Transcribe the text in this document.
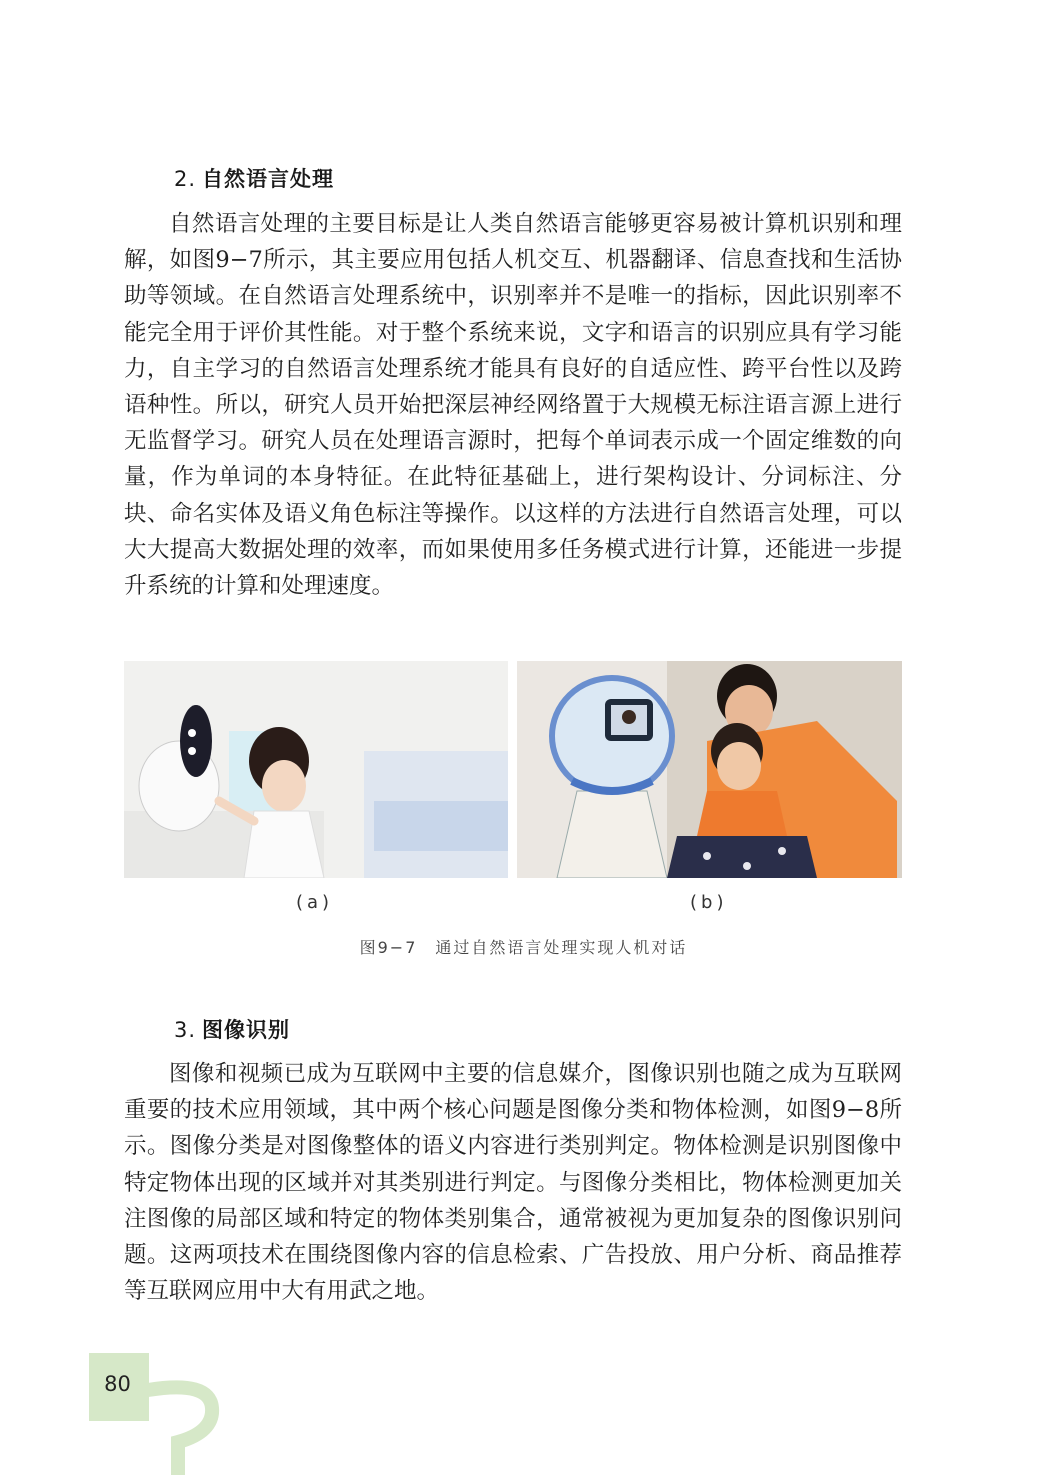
2. 自然语言处理

自然语言处理的主要目标是让人类自然语言能够更容易被计算机识别和理解，如图9−7所示，其主要应用包括人机交互、机器翻译、信息查找和生活协助等领域。在自然语言处理系统中，识别率并不是唯一的指标，因此识别率不能完全用于评价其性能。对于整个系统来说，文字和语言的识别应具有学习能力，自主学习的自然语言处理系统才能具有良好的自适应性、跨平台性以及跨语种性。所以，研究人员开始把深层神经网络置于大规模无标注语言源上进行无监督学习。研究人员在处理语言源时，把每个单词表示成一个固定维数的向量，作为单词的本身特征。在此特征基础上，进行架构设计、分词标注、分块、命名实体及语义角色标注等操作。以这样的方法进行自然语言处理，可以大大提高大数据处理的效率，而如果使用多任务模式进行计算，还能进一步提升系统的计算和处理速度。

(a)	(b)
图9−7　通过自然语言处理实现人机对话
3. 图像识别

图像和视频已成为互联网中主要的信息媒介，图像识别也随之成为互联网重要的技术应用领域，其中两个核心问题是图像分类和物体检测，如图9−8所示。图像分类是对图像整体的语义内容进行类别判定。物体检测是识别图像中特定物体出现的区域并对其类别进行判定。与图像分类相比，物体检测更加关注图像的局部区域和特定的物体类别集合，通常被视为更加复杂的图像识别问题。这两项技术在围绕图像内容的信息检索、广告投放、用户分析、商品推荐等互联网应用中大有用武之地。

80
